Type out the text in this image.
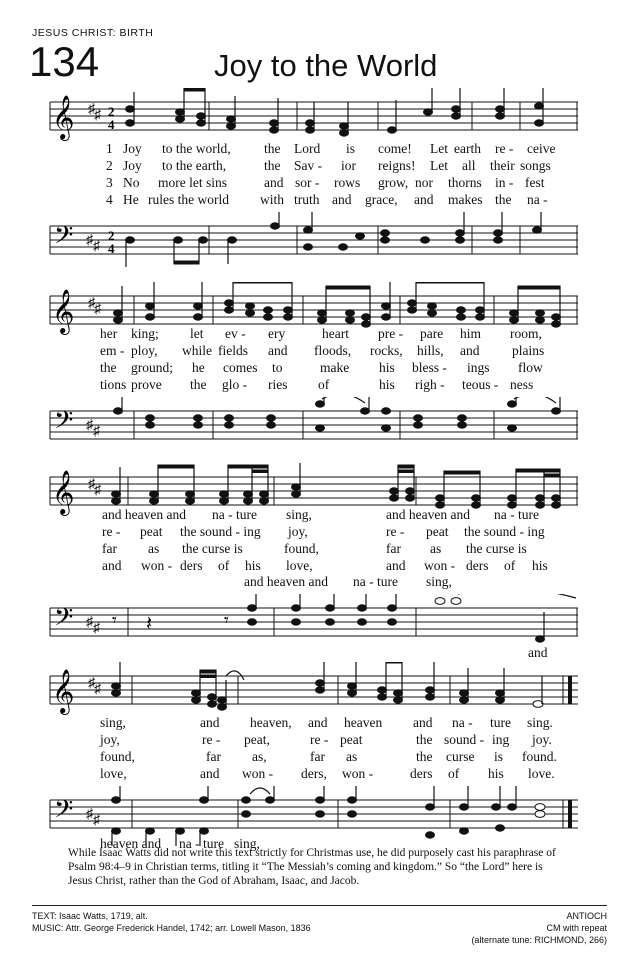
JESUS CHRIST: BIRTH
134	Joy to the World
𝄞 ♯ ♯ 2
4
1 Joy to the world, the Lord is come! Let earth re - ceive
2 Joy to the earth,	the Sav - ior reigns! Let all their songs
3 No more let sins	and sor - rows grow, nor thorns in - fest
4 He rules the world with truth and grace, and makes the na -
𝄢 ♯ ♯
2
4
𝄞 ♯ ♯
her king; let ev - ery	heart pre - pare him room,
em - ploy, while fields and floods, rocks, hills, and plains
the ground; he comes to	make his bless - ings flow
tions prove the glo - ries of	his righ - teous - ness
𝄢 ♯ ♯
𝄞 ♯ ♯
and heaven and na - ture sing,	and heaven and na - ture
re - peat the sound - ing joy,	re - peat the sound - ing
far as the curse is	found,	far as the curse is
and won - ders of his love,	and won - ders of his
and heaven and na - ture sing,
𝄢 ♯ ♯ 𝄾 𝄽	𝄾
and
𝄞 ♯ ♯
sing,	and heaven, and heaven and na - ture sing.
joy,	re - peat,	re - peat	the sound - ing joy.
found,	far as,	far as	the curse is found.
love,	and won - ders, won -	ders of his love.
𝄢 ♯ ♯
heaven and na - ture sing,
While Isaac Watts did not write this text strictly for Christmas use, he did purposely cast his paraphrase of Psalm 98:4–9 in Christian terms, titling it “The Messiah’s coming and kingdom.” So “the Lord” here is Jesus Christ, rather than the God of Abraham, Isaac, and Jacob.
TEXT: Isaac Watts, 1719, alt.
MUSIC: Attr. George Frederick Handel, 1742; arr. Lowell Mason, 1836
ANTIOCH
CM with repeat
(alternate tune: RICHMOND, 266)
